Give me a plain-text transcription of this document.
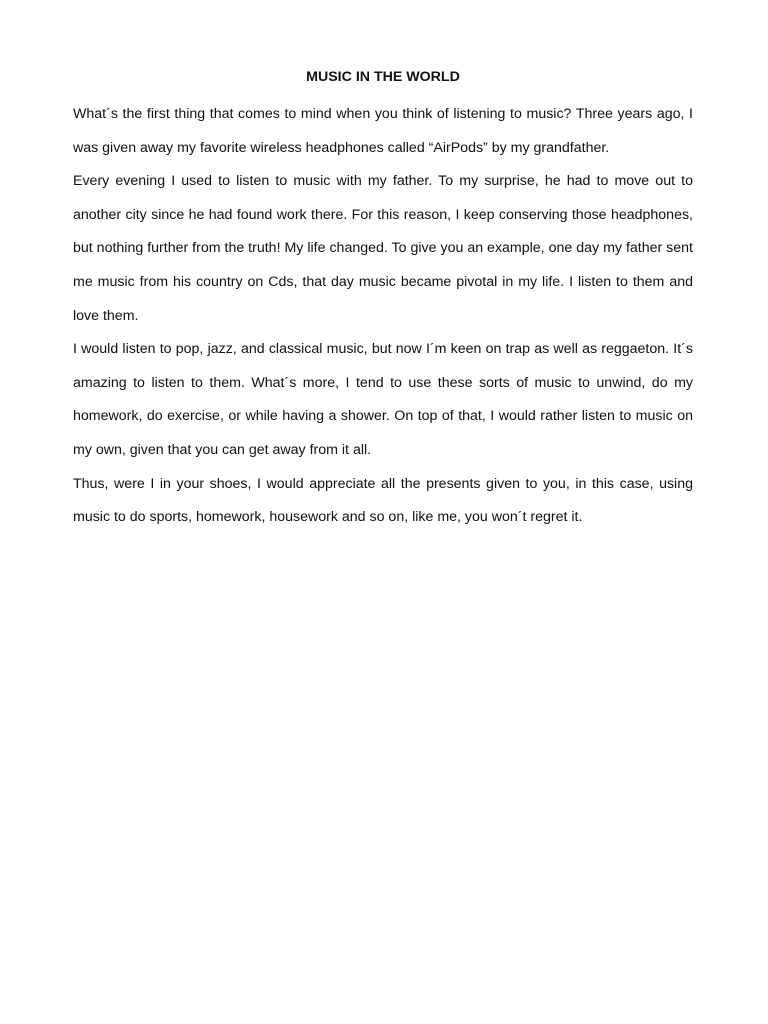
MUSIC IN THE WORLD

What´s the first thing that comes to mind when you think of listening to music? Three years ago, I was given away my favorite wireless headphones called “AirPods” by my grandfather.

Every evening I used to listen to music with my father. To my surprise, he had to move out to another city since he had found work there. For this reason, I keep conserving those headphones, but nothing further from the truth! My life changed. To give you an example, one day my father sent me music from his country on Cds, that day music became pivotal in my life. I listen to them and love them.

I would listen to pop, jazz, and classical music, but now I´m keen on trap as well as reggaeton. It´s amazing to listen to them. What´s more, I tend to use these sorts of music to unwind, do my homework, do exercise, or while having a shower. On top of that, I would rather listen to music on my own, given that you can get away from it all.

Thus, were I in your shoes, I would appreciate all the presents given to you, in this case, using music to do sports, homework, housework and so on, like me, you won´t regret it.
